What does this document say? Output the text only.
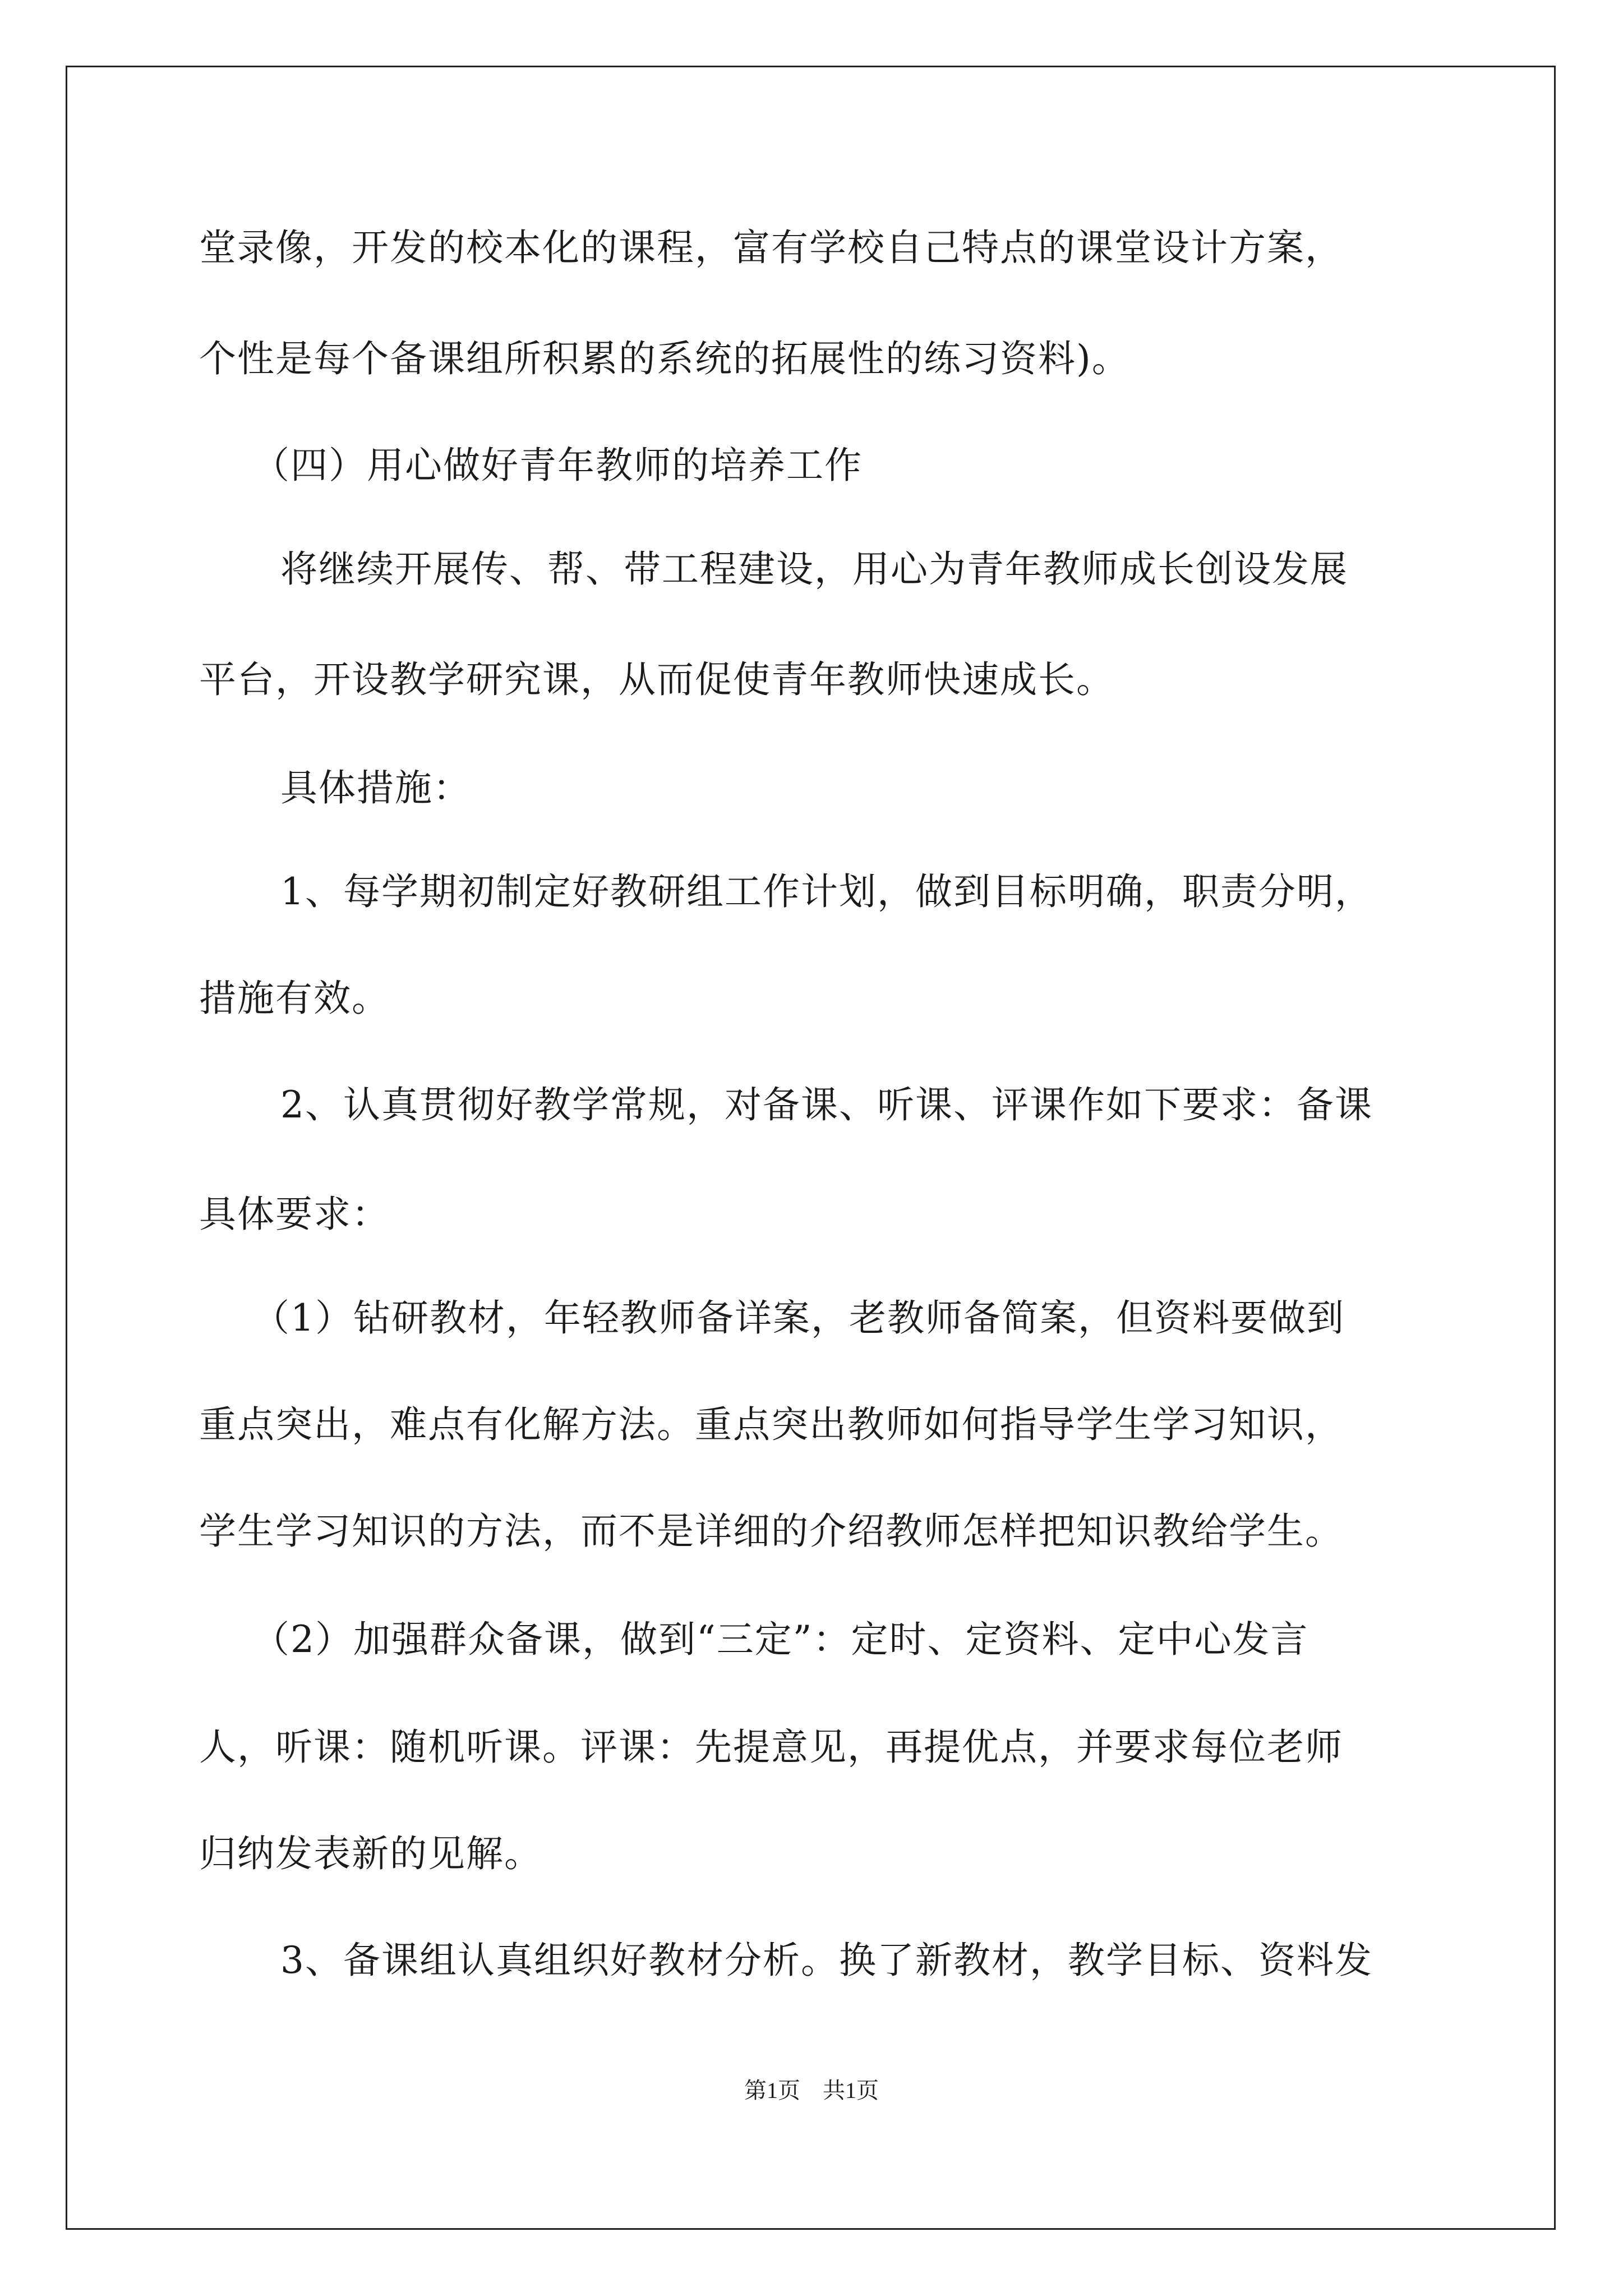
堂录像，开发的校本化的课程，富有学校自己特点的课堂设计方案，
个性是每个备课组所积累的系统的拓展性的练习资料)。
（四）用心做好青年教师的培养工作
将继续开展传、帮、带工程建设，用心为青年教师成长创设发展
平台，开设教学研究课，从而促使青年教师快速成长。
具体措施：
1、每学期初制定好教研组工作计划，做到目标明确，职责分明，
措施有效。
2、认真贯彻好教学常规，对备课、听课、评课作如下要求：备课
具体要求：
（1）钻研教材，年轻教师备详案，老教师备简案，但资料要做到
重点突出，难点有化解方法。重点突出教师如何指导学生学习知识，
学生学习知识的方法，而不是详细的介绍教师怎样把知识教给学生。
（2）加强群众备课，做到“三定”：定时、定资料、定中心发言
人，听课：随机听课。评课：先提意见，再提优点，并要求每位老师
归纳发表新的见解。
3、备课组认真组织好教材分析。换了新教材，教学目标、资料发
第1页　共1页
